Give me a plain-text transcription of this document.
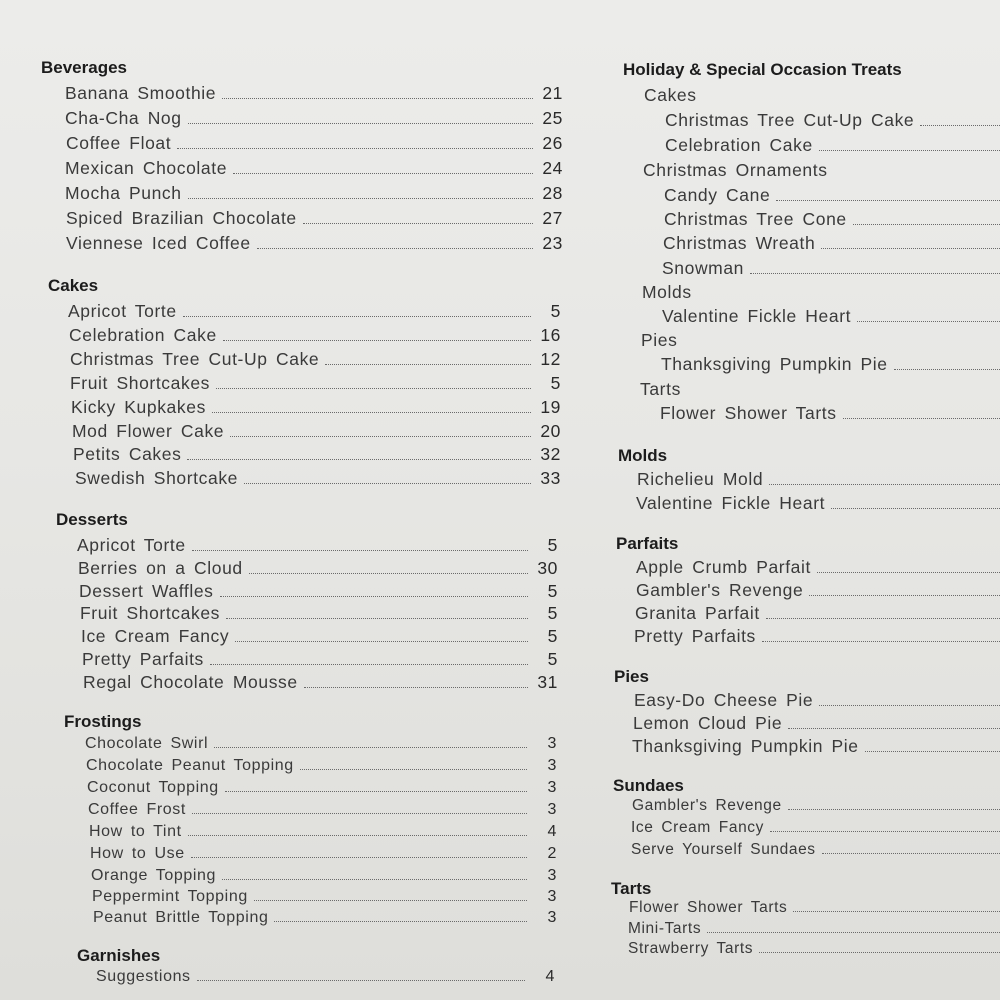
Beverages
Banana Smoothie	21
Cha-Cha Nog	25
Coffee Float	26
Mexican Chocolate	24
Mocha Punch	28
Spiced Brazilian Chocolate	27
Viennese Iced Coffee	23
Cakes
Apricot Torte	5
Celebration Cake	16
Christmas Tree Cut-Up Cake	12
Fruit Shortcakes	5
Kicky Kupkakes	19
Mod Flower Cake	20
Petits Cakes	32
Swedish Shortcake	33
Desserts
Apricot Torte	5
Berries on a Cloud	30
Dessert Waffles	5
Fruit Shortcakes	5
Ice Cream Fancy	5
Pretty Parfaits	5
Regal Chocolate Mousse	31
Frostings
Chocolate Swirl	3
Chocolate Peanut Topping	3
Coconut Topping	3
Coffee Frost	3
How to Tint	4
How to Use	2
Orange Topping	3
Peppermint Topping	3
Peanut Brittle Topping	3
Garnishes
Suggestions	4
Holiday & Special Occasion Treats
Cakes
Christmas Tree Cut-Up Cake
Celebration Cake
Christmas Ornaments
Candy Cane
Christmas Tree Cone
Christmas Wreath
Snowman
Molds
Valentine Fickle Heart
Pies
Thanksgiving Pumpkin Pie
Tarts
Flower Shower Tarts
Molds
Richelieu Mold
Valentine Fickle Heart
Parfaits
Apple Crumb Parfait
Gambler's Revenge
Granita Parfait
Pretty Parfaits
Pies
Easy-Do Cheese Pie
Lemon Cloud Pie
Thanksgiving Pumpkin Pie
Sundaes
Gambler's Revenge
Ice Cream Fancy
Serve Yourself Sundaes
Tarts
Flower Shower Tarts
Mini-Tarts
Strawberry Tarts
